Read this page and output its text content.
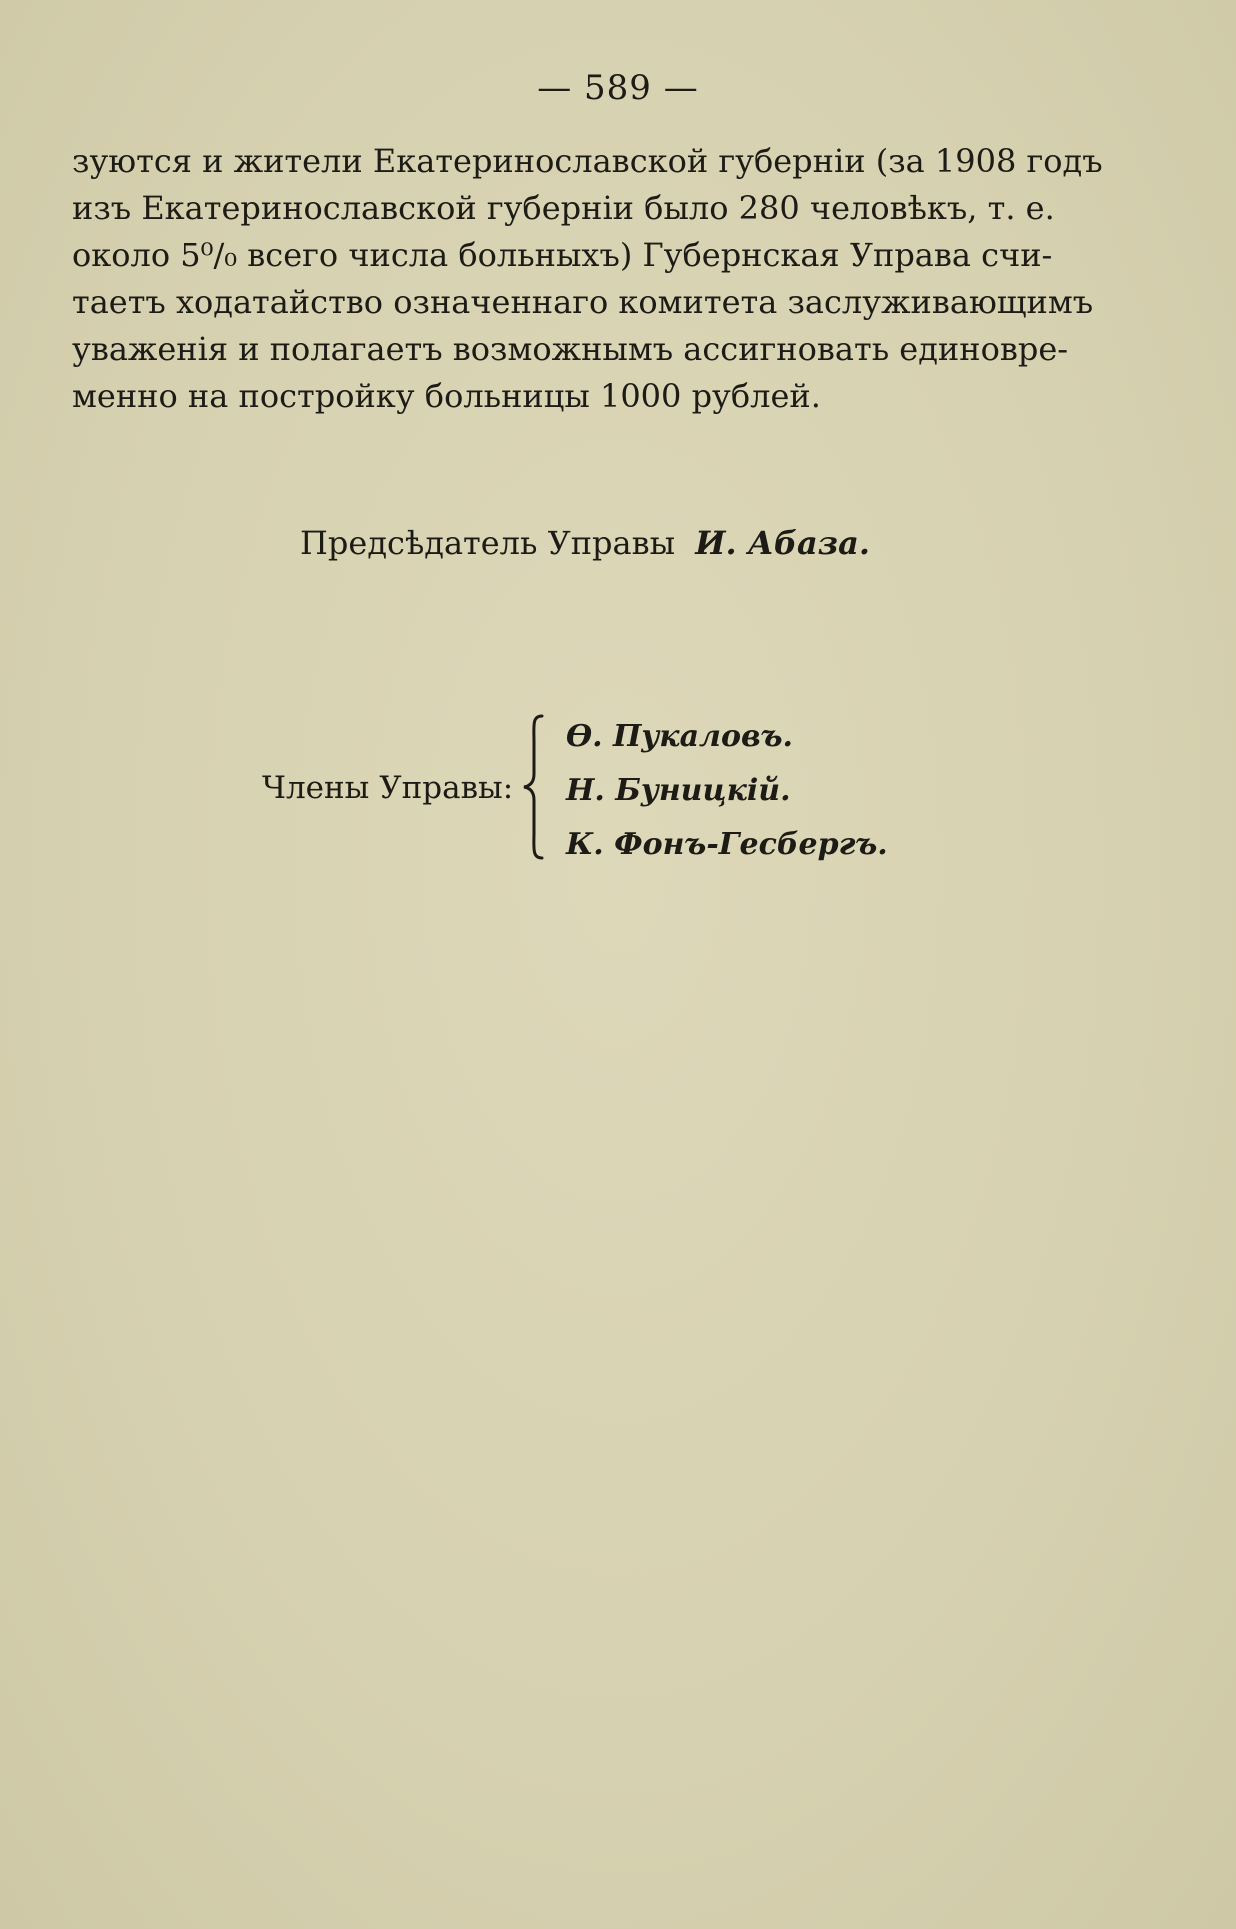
— 589 —
зуются и жители Екатеринославской губерніи (за 1908 годъ
изъ Екатеринославской губерніи было 280 человѣкъ, т. е.
около 5⁰/₀ всего числа больныхъ) Губернская Управа счи-
таетъ ходатайство означеннаго комитета заслуживающимъ
уваженія и полагаетъ возможнымъ ассигновать единовре-
менно на постройку больницы 1000 рублей.
Предсѣдатель Управы И. Абаза.
Члены Управы:
Ѳ. Пукаловъ.
Н. Буницкій.
К. Фонъ-Гесбергъ.
